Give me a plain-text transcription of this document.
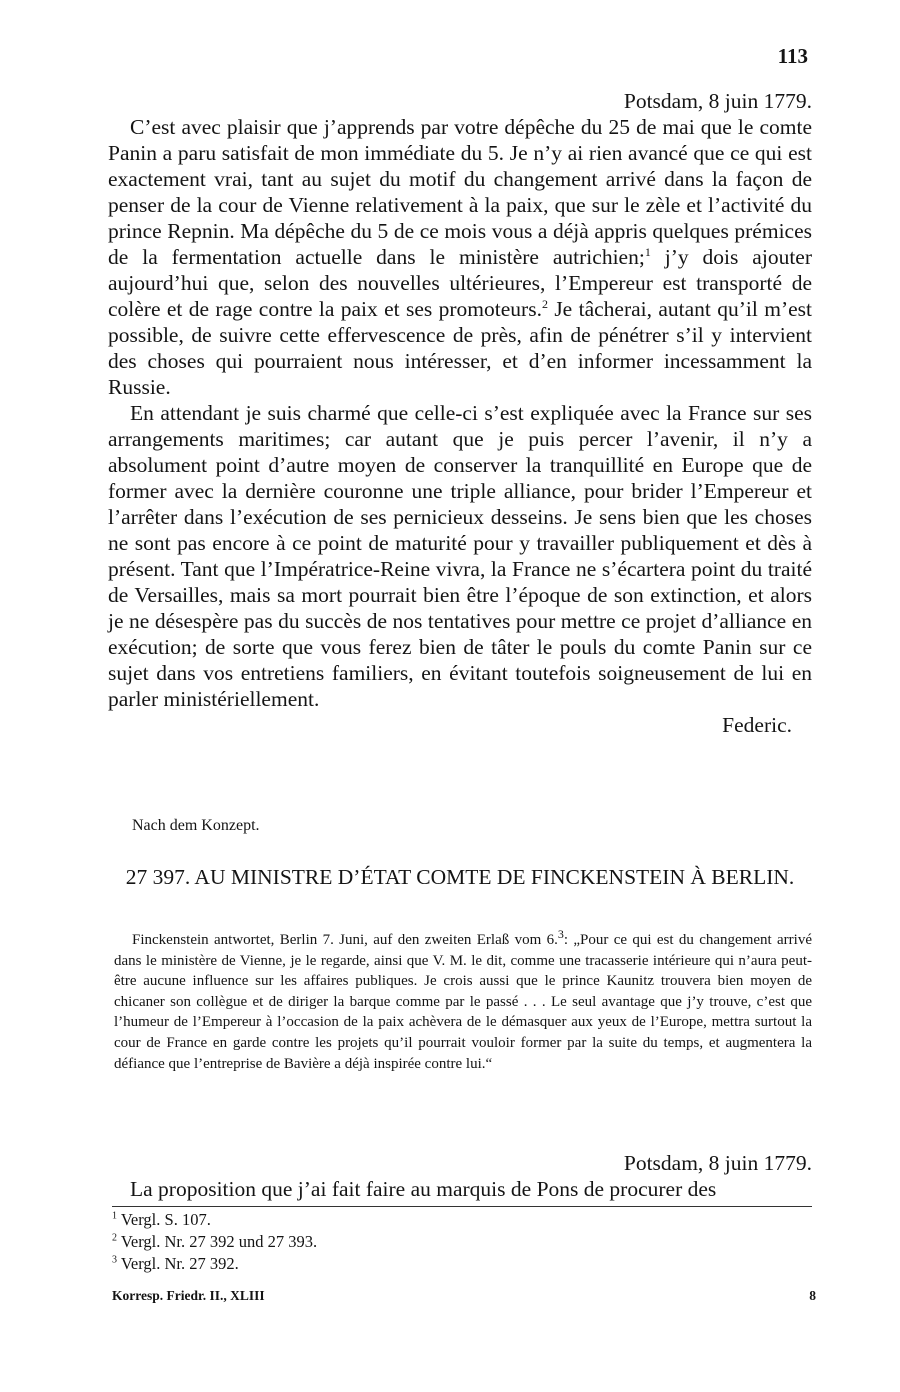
113
Potsdam, 8 juin 1779.

C’est avec plaisir que j’apprends par votre dépêche du 25 de mai que le comte Panin a paru satisfait de mon immédiate du 5. Je n’y ai rien avancé que ce qui est exactement vrai, tant au sujet du motif du changement arrivé dans la façon de penser de la cour de Vienne relativement à la paix, que sur le zèle et l’activité du prince Repnin. Ma dépêche du 5 de ce mois vous a déjà appris quelques prémices de la fermentation actuelle dans le ministère autrichien;$^1$ j’y dois ajouter aujourd’hui que, selon des nouvelles ultérieures, l’Empereur est transporté de colère et de rage contre la paix et ses promoteurs.$^2$ Je tâcherai, autant qu’il m’est possible, de suivre cette effervescence de près, afin de pénétrer s’il y intervient des choses qui pourraient nous intéresser, et d’en informer incessamment la Russie.

En attendant je suis charmé que celle-ci s’est expliquée avec la France sur ses arrangements maritimes; car autant que je puis percer l’avenir, il n’y a absolument point d’autre moyen de conserver la tranquillité en Europe que de former avec la dernière couronne une triple alliance, pour brider l’Empereur et l’arrêter dans l’exécution de ses pernicieux desseins. Je sens bien que les choses ne sont pas encore à ce point de maturité pour y travailler publiquement et dès à présent. Tant que l’Impératrice-Reine vivra, la France ne s’écartera point du traité de Versailles, mais sa mort pourrait bien être l’époque de son extinction, et alors je ne désespère pas du succès de nos tentatives pour mettre ce projet d’alliance en exécution; de sorte que vous ferez bien de tâter le pouls du comte Panin sur ce sujet dans vos entretiens familiers, en évitant toutefois soigneusement de lui en parler ministériellement.

Federic.
Nach dem Konzept.
27 397. AU MINISTRE D’ÉTAT COMTE DE FINCKENSTEIN À BERLIN.

Finckenstein antwortet, Berlin 7. Juni, auf den zweiten Erlaß vom 6.$^3$: „Pour ce qui est du changement arrivé dans le ministère de Vienne, je le regarde, ainsi que V. M. le dit, comme une tracasserie intérieure qui n’aura peut-être aucune influence sur les affaires publiques. Je crois aussi que le prince Kaunitz trouvera bien moyen de chicaner son collègue et de diriger la barque comme par le passé . . . Le seul avantage que j’y trouve, c’est que l’humeur de l’Empereur à l’occasion de la paix achèvera de le démasquer aux yeux de l’Europe, mettra surtout la cour de France en garde contre les projets qu’il pourrait vouloir former par la suite du temps, et augmentera la défiance que l’entreprise de Bavière a déjà inspirée contre lui.“

Potsdam, 8 juin 1779.

La proposition que j’ai fait faire au marquis de Pons de procurer des

$^1$ Vergl. S. 107.
$^2$ Vergl. Nr. 27 392 und 27 393.
$^3$ Vergl. Nr. 27 392.
Korresp. Friedr. II., XLIII	8
